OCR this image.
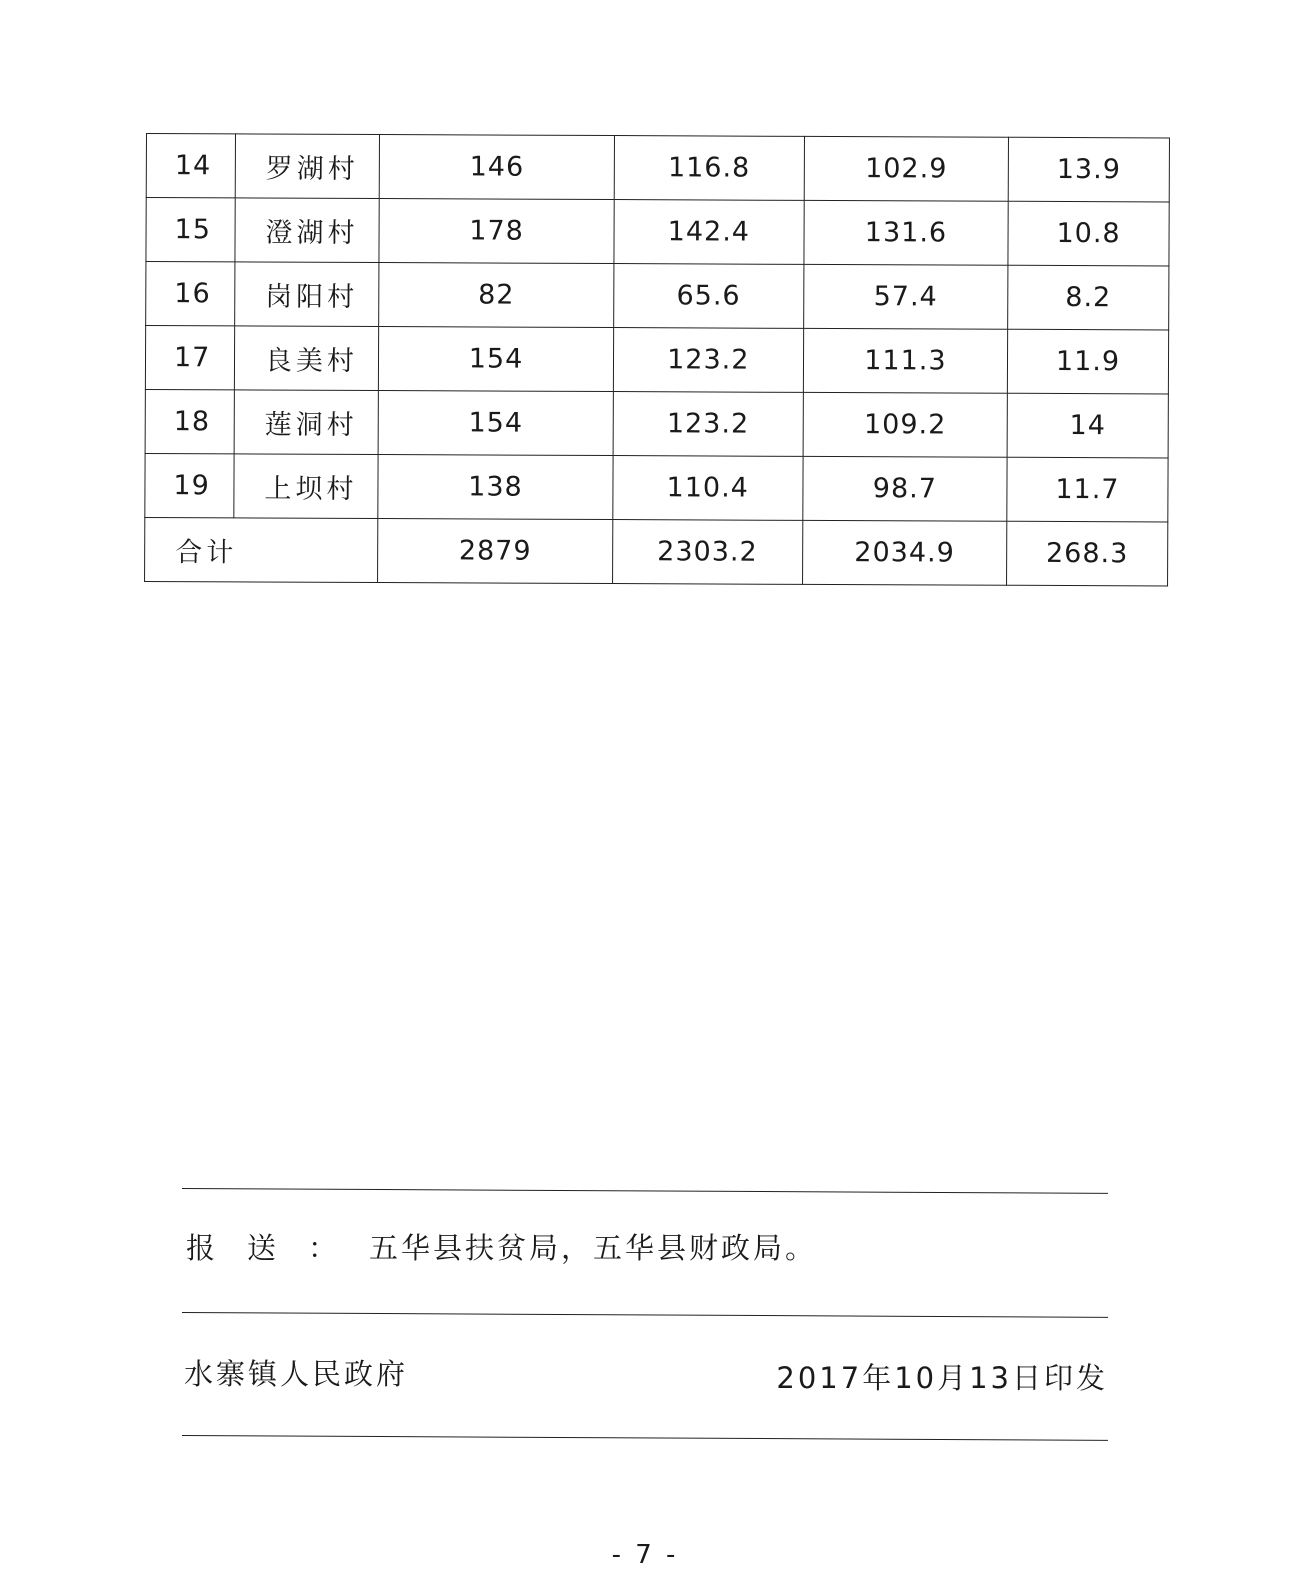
14	罗湖村	146	116.8	102.9	13.9
15	澄湖村	178	142.4	131.6	10.8
16	岗阳村	82	65.6	57.4	8.2
17	良美村	154	123.2	111.3	11.9
18	莲洞村	154	123.2	109.2	14
19	上坝村	138	110.4	98.7	11.7
合计		2879	2303.2	2034.9	268.3
报送：五华县扶贫局，五华县财政局。
水寨镇人民政府	2017年10月13日印发
- 7 -
